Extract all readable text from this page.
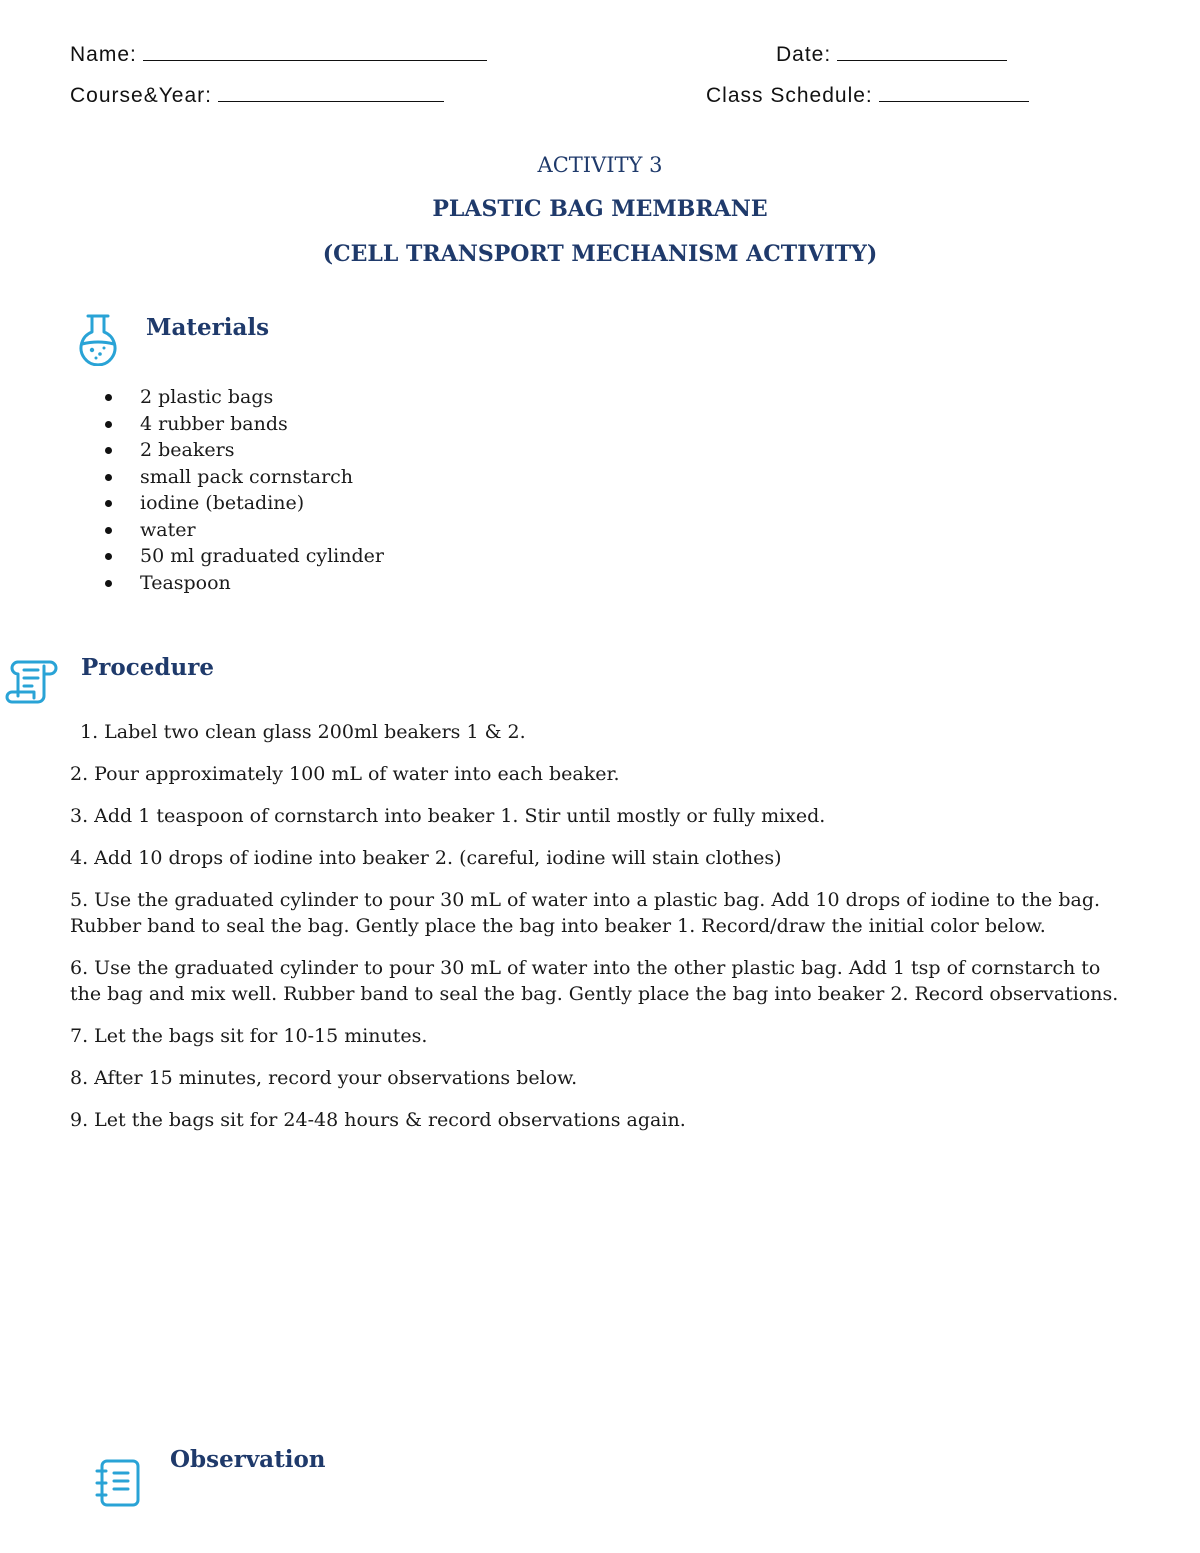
Name:	Date:
Course&Year:	Class Schedule:
ACTIVITY 3
PLASTIC BAG MEMBRANE
(CELL TRANSPORT MECHANISM ACTIVITY)
Materials
2 plastic bags
4 rubber bands
2 beakers
small pack cornstarch
iodine (betadine)
water
50 ml graduated cylinder
Teaspoon
Procedure

1. Label two clean glass 200ml beakers 1 & 2.

2. Pour approximately 100 mL of water into each beaker.

3. Add 1 teaspoon of cornstarch into beaker 1. Stir until mostly or fully mixed.

4. Add 10 drops of iodine into beaker 2. (careful, iodine will stain clothes)

5. Use the graduated cylinder to pour 30 mL of water into a plastic bag. Add 10 drops of iodine to the bag. Rubber band to seal the bag. Gently place the bag into beaker 1. Record/draw the initial color below.

6. Use the graduated cylinder to pour 30 mL of water into the other plastic bag. Add 1 tsp of cornstarch to the bag and mix well. Rubber band to seal the bag. Gently place the bag into beaker 2. Record observations.

7. Let the bags sit for 10-15 minutes.

8. After 15 minutes, record your observations below.

9. Let the bags sit for 24-48 hours & record observations again.

Observation
